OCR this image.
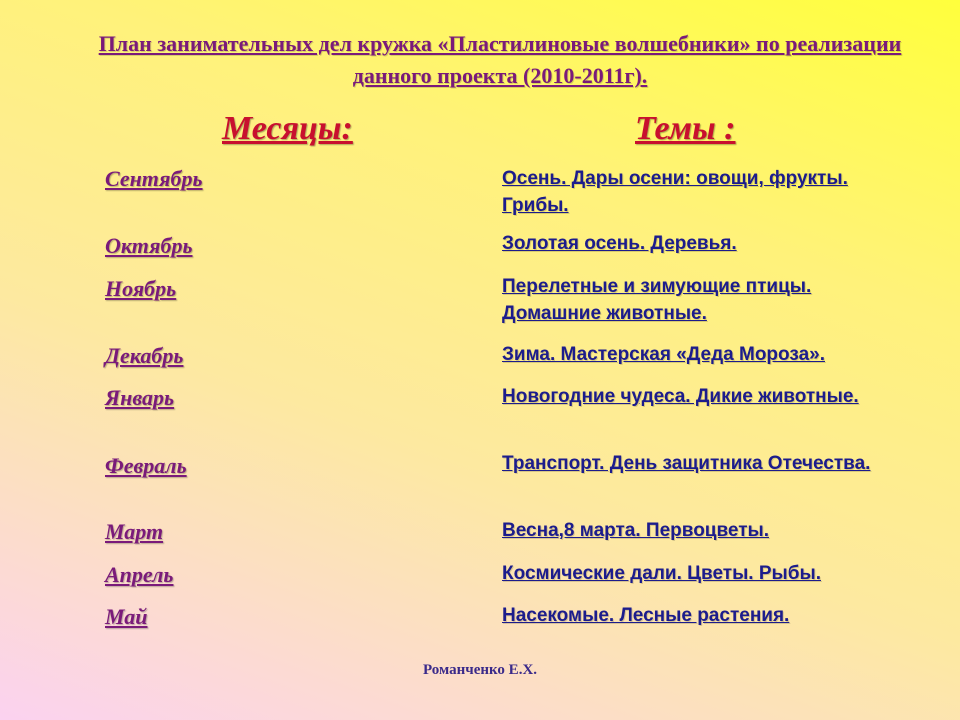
План занимательных дел кружка «Пластилиновые волшебники» по реализации данного проекта (2010-2011г).
Месяцы:	Темы :
Сентябрь	Осень. Дары осени: овощи, фрукты. Грибы.
Октябрь	Золотая осень. Деревья.
Ноябрь	Перелетные и зимующие птицы. Домашние животные.
Декабрь	Зима. Мастерская «Деда Мороза».
Январь	Новогодние чудеса. Дикие животные.
Февраль	Транспорт. День защитника Отечества.
Март	Весна,8 марта. Первоцветы.
Апрель	Космические дали. Цветы. Рыбы.
Май	Насекомые. Лесные растения.
Романченко Е.Х.
